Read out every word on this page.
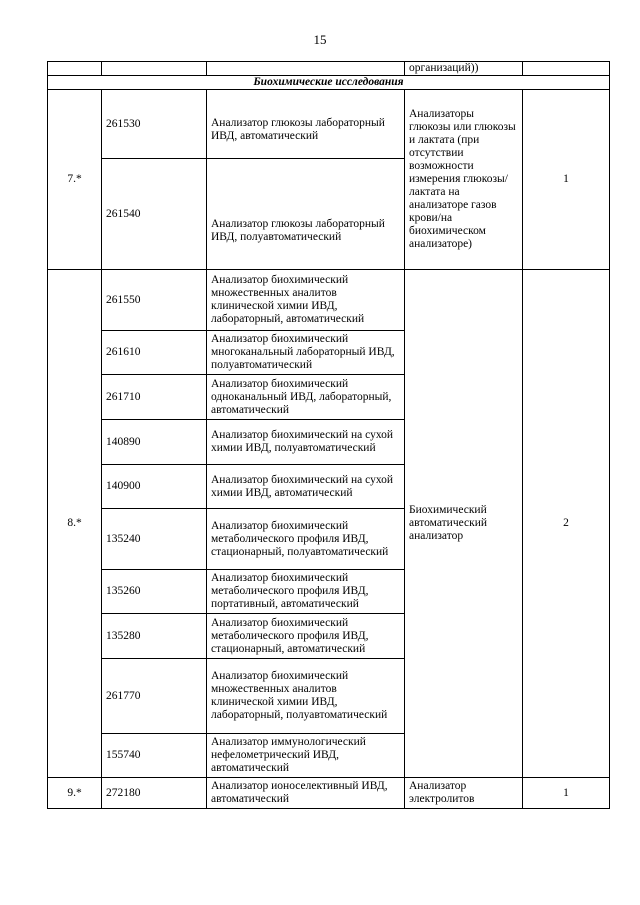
15
			организаций))	
Биохимические исследования				
7.*	261530	Анализатор глюкозы лабораторный ИВД, автоматический	Анализаторы глюкозы или глюкозы и лактата (при отсутствии возможности измерения глюкозы/ лактата на анализаторе газов крови/на биохимическом анализаторе)	1
	261540	Анализатор глюкозы лабораторный ИВД, полуавтоматический		
8.*	261550	Анализатор биохимический множественных аналитов клинической химии ИВД, лабораторный, автоматический	Биохимический автоматический анализатор	2
	261610	Анализатор биохимический многоканальный лабораторный ИВД, полуавтоматический		
	261710	Анализатор биохимический одноканальный ИВД, лабораторный, автоматический		
	140890	Анализатор биохимический на сухой химии ИВД, полуавтоматический		
	140900	Анализатор биохимический на сухой химии ИВД, автоматический		
	135240	Анализатор биохимический метаболического профиля ИВД, стационарный, полуавтоматический		
	135260	Анализатор биохимический метаболического профиля ИВД, портативный, автоматический		
	135280	Анализатор биохимический метаболического профиля ИВД, стационарный, автоматический		
	261770	Анализатор биохимический множественных аналитов клинической химии ИВД, лабораторный, полуавтоматический		
	155740	Анализатор иммунологический нефелометрический ИВД, автоматический		
9.*	272180	Анализатор ионоселективный ИВД, автоматический	Анализатор электролитов	1
